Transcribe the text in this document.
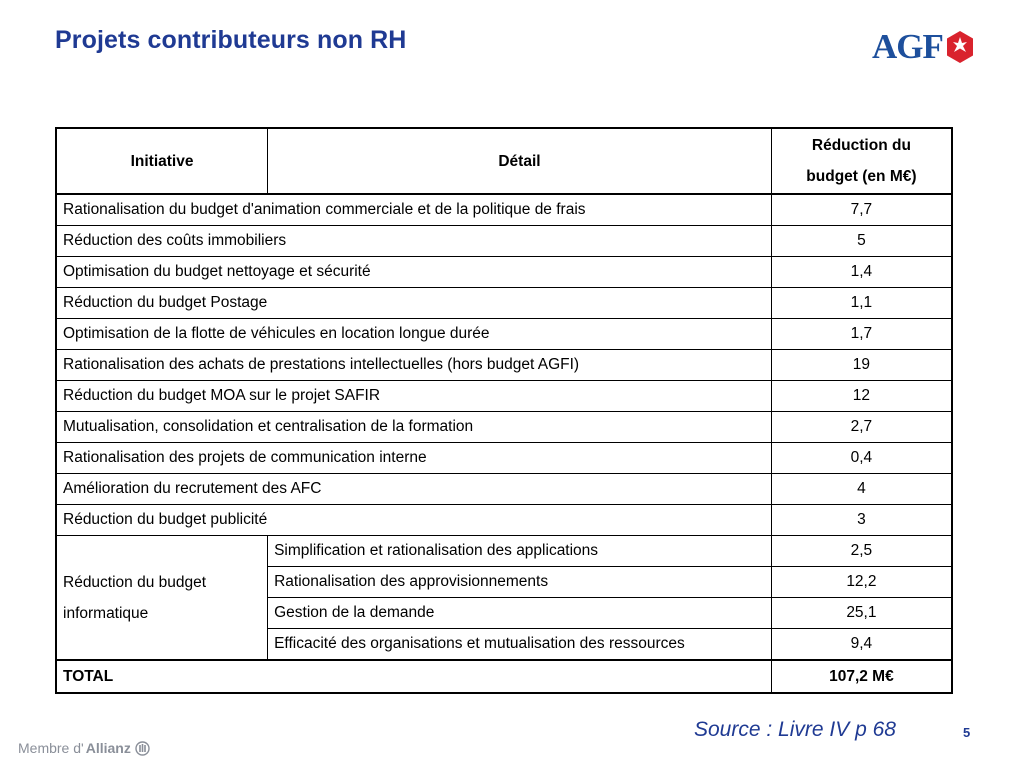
Projets contributeurs non RH	AGF
Initiative	Détail	Réduction du
budget (en M€)
Rationalisation du budget d'animation commerciale et de la politique de frais		7,7
Réduction des coûts immobiliers		5
Optimisation du budget nettoyage et sécurité		1,4
Réduction du budget Postage		1,1
Optimisation de la flotte de véhicules en location longue durée		1,7
Rationalisation des achats de prestations intellectuelles (hors budget AGFI)		19
Réduction du budget MOA sur le projet SAFIR		12
Mutualisation, consolidation et centralisation de la formation		2,7
Rationalisation des projets de communication interne		0,4
Amélioration du recrutement des AFC		4
Réduction du budget publicité		3
Réduction du budget
informatique	Simplification et rationalisation des applications	2,5
	Rationalisation des approvisionnements	12,2
	Gestion de la demande	25,1
	Efficacité des organisations et mutualisation des ressources	9,4
TOTAL		107,2 M€
Source : Livre IV p 68	5
Membre d' Allianz
